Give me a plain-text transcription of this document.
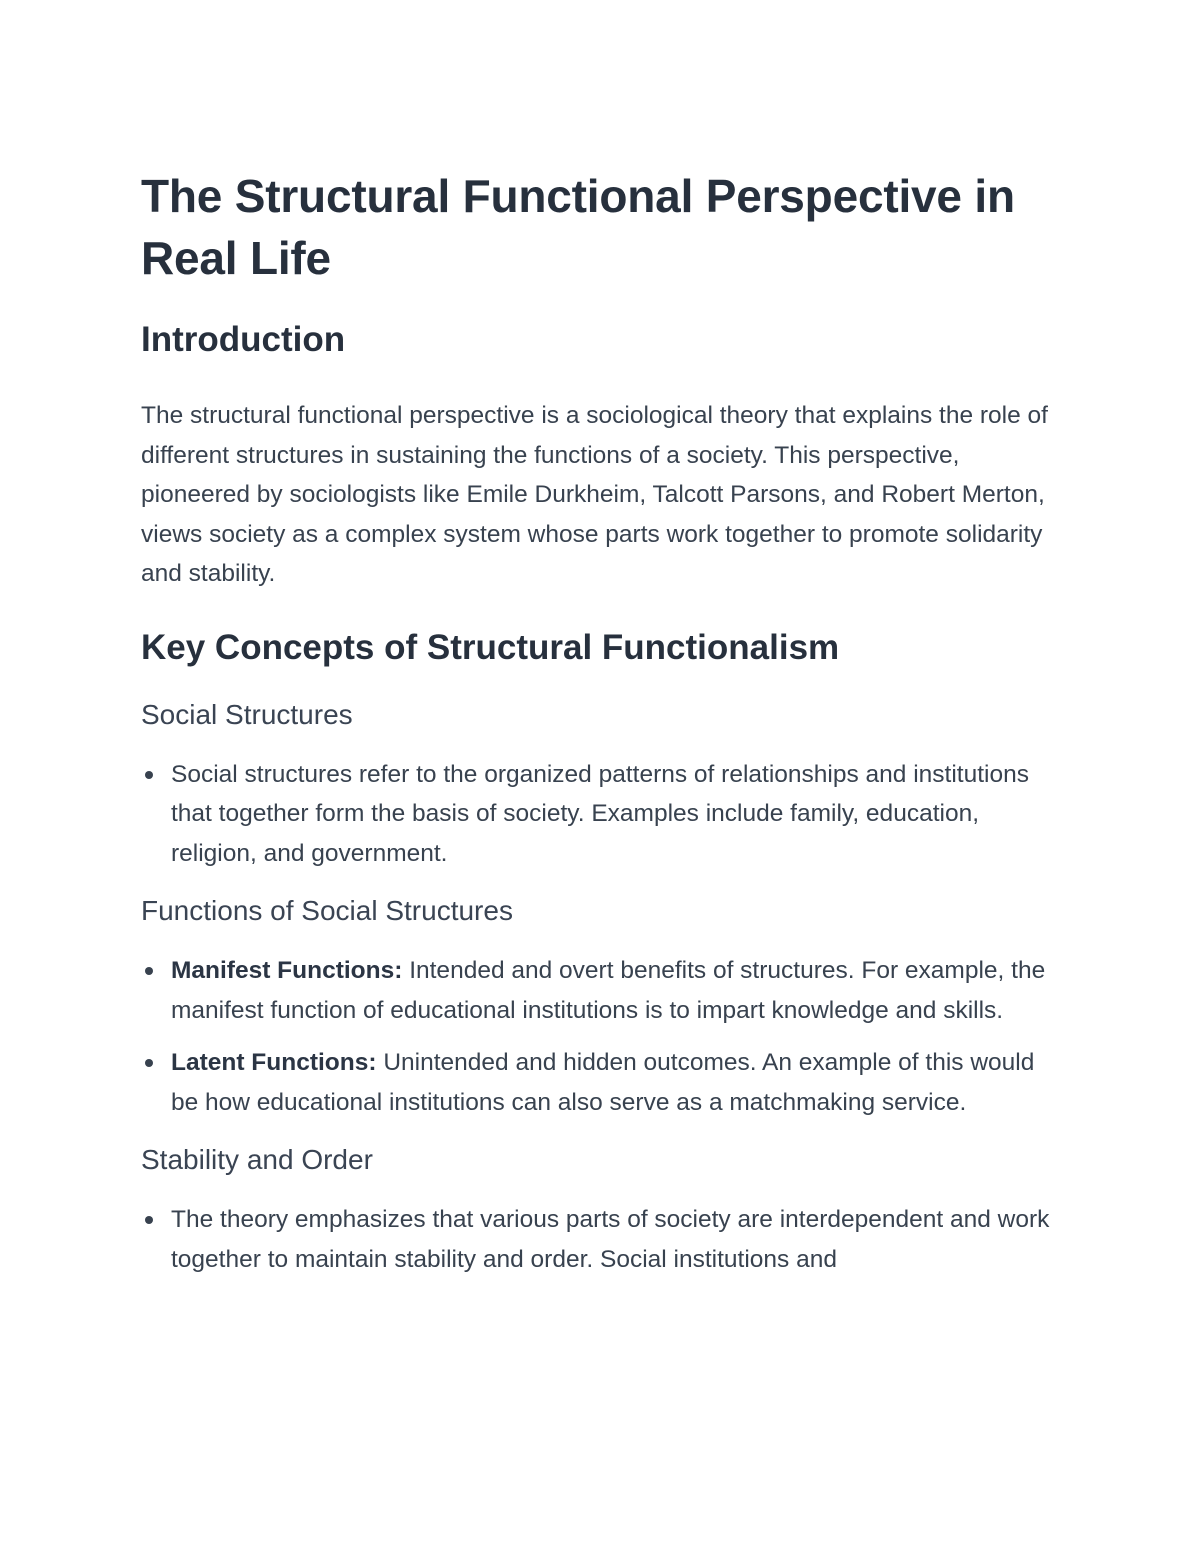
The Structural Functional Perspective in Real Life
Introduction

The structural functional perspective is a sociological theory that explains the role of different structures in sustaining the functions of a society. This perspective, pioneered by sociologists like Emile Durkheim, Talcott Parsons, and Robert Merton, views society as a complex system whose parts work together to promote solidarity and stability.

Key Concepts of Structural Functionalism
Social Structures
Social structures refer to the organized patterns of relationships and institutions that together form the basis of society. Examples include family, education, religion, and government.
Functions of Social Structures
Manifest Functions: Intended and overt benefits of structures. For example, the manifest function of educational institutions is to impart knowledge and skills.
Latent Functions: Unintended and hidden outcomes. An example of this would be how educational institutions can also serve as a matchmaking service.
Stability and Order
The theory emphasizes that various parts of society are interdependent and work together to maintain stability and order. Social institutions and
